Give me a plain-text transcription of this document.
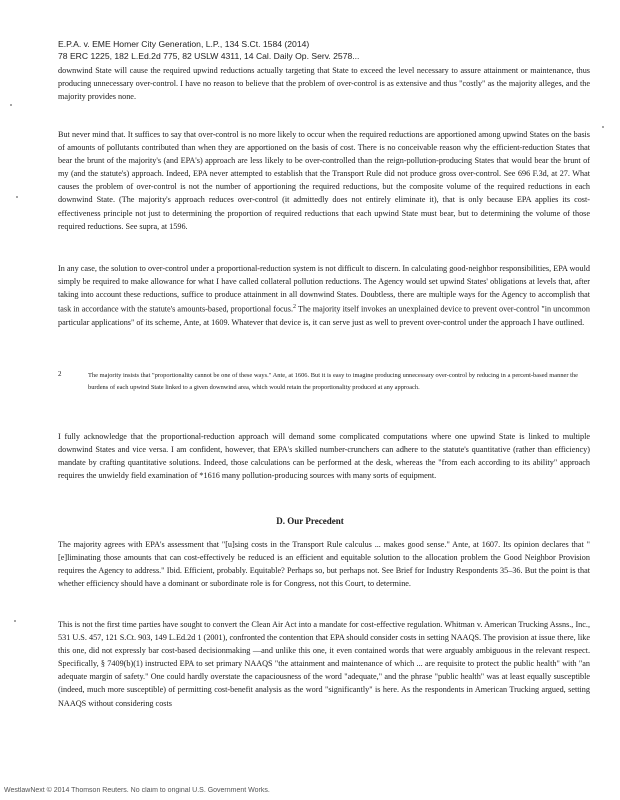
E.P.A. v. EME Homer City Generation, L.P., 134 S.Ct. 1584 (2014)
78 ERC 1225, 182 L.Ed.2d 775, 82 USLW 4311, 14 Cal. Daily Op. Serv. 2578...

downwind State will cause the required upwind reductions actually targeting that State to exceed the level necessary to assure attainment or maintenance, thus producing unnecessary over-control. I have no reason to believe that the problem of over-control is as extensive and thus "costly" as the majority alleges, and the majority provides none.

But never mind that. It suffices to say that over-control is no more likely to occur when the required reductions are apportioned among upwind States on the basis of amounts of pollutants contributed than when they are apportioned on the basis of cost. There is no conceivable reason why the efficient-reduction States that bear the brunt of the majority's (and EPA's) approach are less likely to be over-controlled than the reign-pollution-producing States that would bear the brunt of my (and the statute's) approach. Indeed, EPA never attempted to establish that the Transport Rule did not produce gross over-control. See 696 F.3d, at 27. What causes the problem of over-control is not the number of apportioning the required reductions, but the composite volume of the required reductions in each downwind State. (The majority's approach reduces over-control (it admittedly does not entirely eliminate it), that is only because EPA applies its cost-effectiveness principle not just to determining the proportion of required reductions that each upwind State must bear, but to determining the volume of those required reductions. See supra, at 1596.

In any case, the solution to over-control under a proportional-reduction system is not difficult to discern. In calculating good-neighbor responsibilities, EPA would simply be required to make allowance for what I have called collateral pollution reductions. The Agency would set upwind States' obligations at levels that, after taking into account these reductions, suffice to produce attainment in all downwind States. Doubtless, there are multiple ways for the Agency to accomplish that task in accordance with the statute's amounts-based, proportional focus.$^2$ The majority itself invokes an unexplained device to prevent over-control "in uncommon particular applications" of its scheme, Ante, at 1609. Whatever that device is, it can serve just as well to prevent over-control under the approach I have outlined.

2	The majority insists that "proportionality cannot be one of these ways." Ante, at 1606. But it is easy to imagine producing unnecessary over-control by reducing in a percent-based manner the burdens of each upwind State linked to a given downwind area, which would retain the proportionality produced at any approach.

I fully acknowledge that the proportional-reduction approach will demand some complicated computations where one upwind State is linked to multiple downwind States and vice versa. I am confident, however, that EPA's skilled number-crunchers can adhere to the statute's quantitative (rather than efficiency) mandate by crafting quantitative solutions. Indeed, those calculations can be performed at the desk, whereas the "from each according to its ability" approach requires the unwieldy field examination of *1616 many pollution-producing sources with many sorts of equipment.

D. Our Precedent

The majority agrees with EPA's assessment that "[u]sing costs in the Transport Rule calculus ... makes good sense." Ante, at 1607. Its opinion declares that "[e]liminating those amounts that can cost-effectively be reduced is an efficient and equitable solution to the allocation problem the Good Neighbor Provision requires the Agency to address." Ibid. Efficient, probably. Equitable? Perhaps so, but perhaps not. See Brief for Industry Respondents 35–36. But the point is that whether efficiency should have a dominant or subordinate role is for Congress, not this Court, to determine.

This is not the first time parties have sought to convert the Clean Air Act into a mandate for cost-effective regulation. Whitman v. American Trucking Assns., Inc., 531 U.S. 457, 121 S.Ct. 903, 149 L.Ed.2d 1 (2001), confronted the contention that EPA should consider costs in setting NAAQS. The provision at issue there, like this one, did not expressly bar cost-based decisionmaking —and unlike this one, it even contained words that were arguably ambiguous in the relevant respect. Specifically, § 7409(b)(1) instructed EPA to set primary NAAQS "the attainment and maintenance of which ... are requisite to protect the public health" with "an adequate margin of safety." One could hardly overstate the capaciousness of the word "adequate," and the phrase "public health" was at least equally susceptible (indeed, much more susceptible) of permitting cost-benefit analysis as the word "significantly" is here. As the respondents in American Trucking argued, setting NAAQS without considering costs

WestlawNext © 2014 Thomson Reuters. No claim to original U.S. Government Works.
